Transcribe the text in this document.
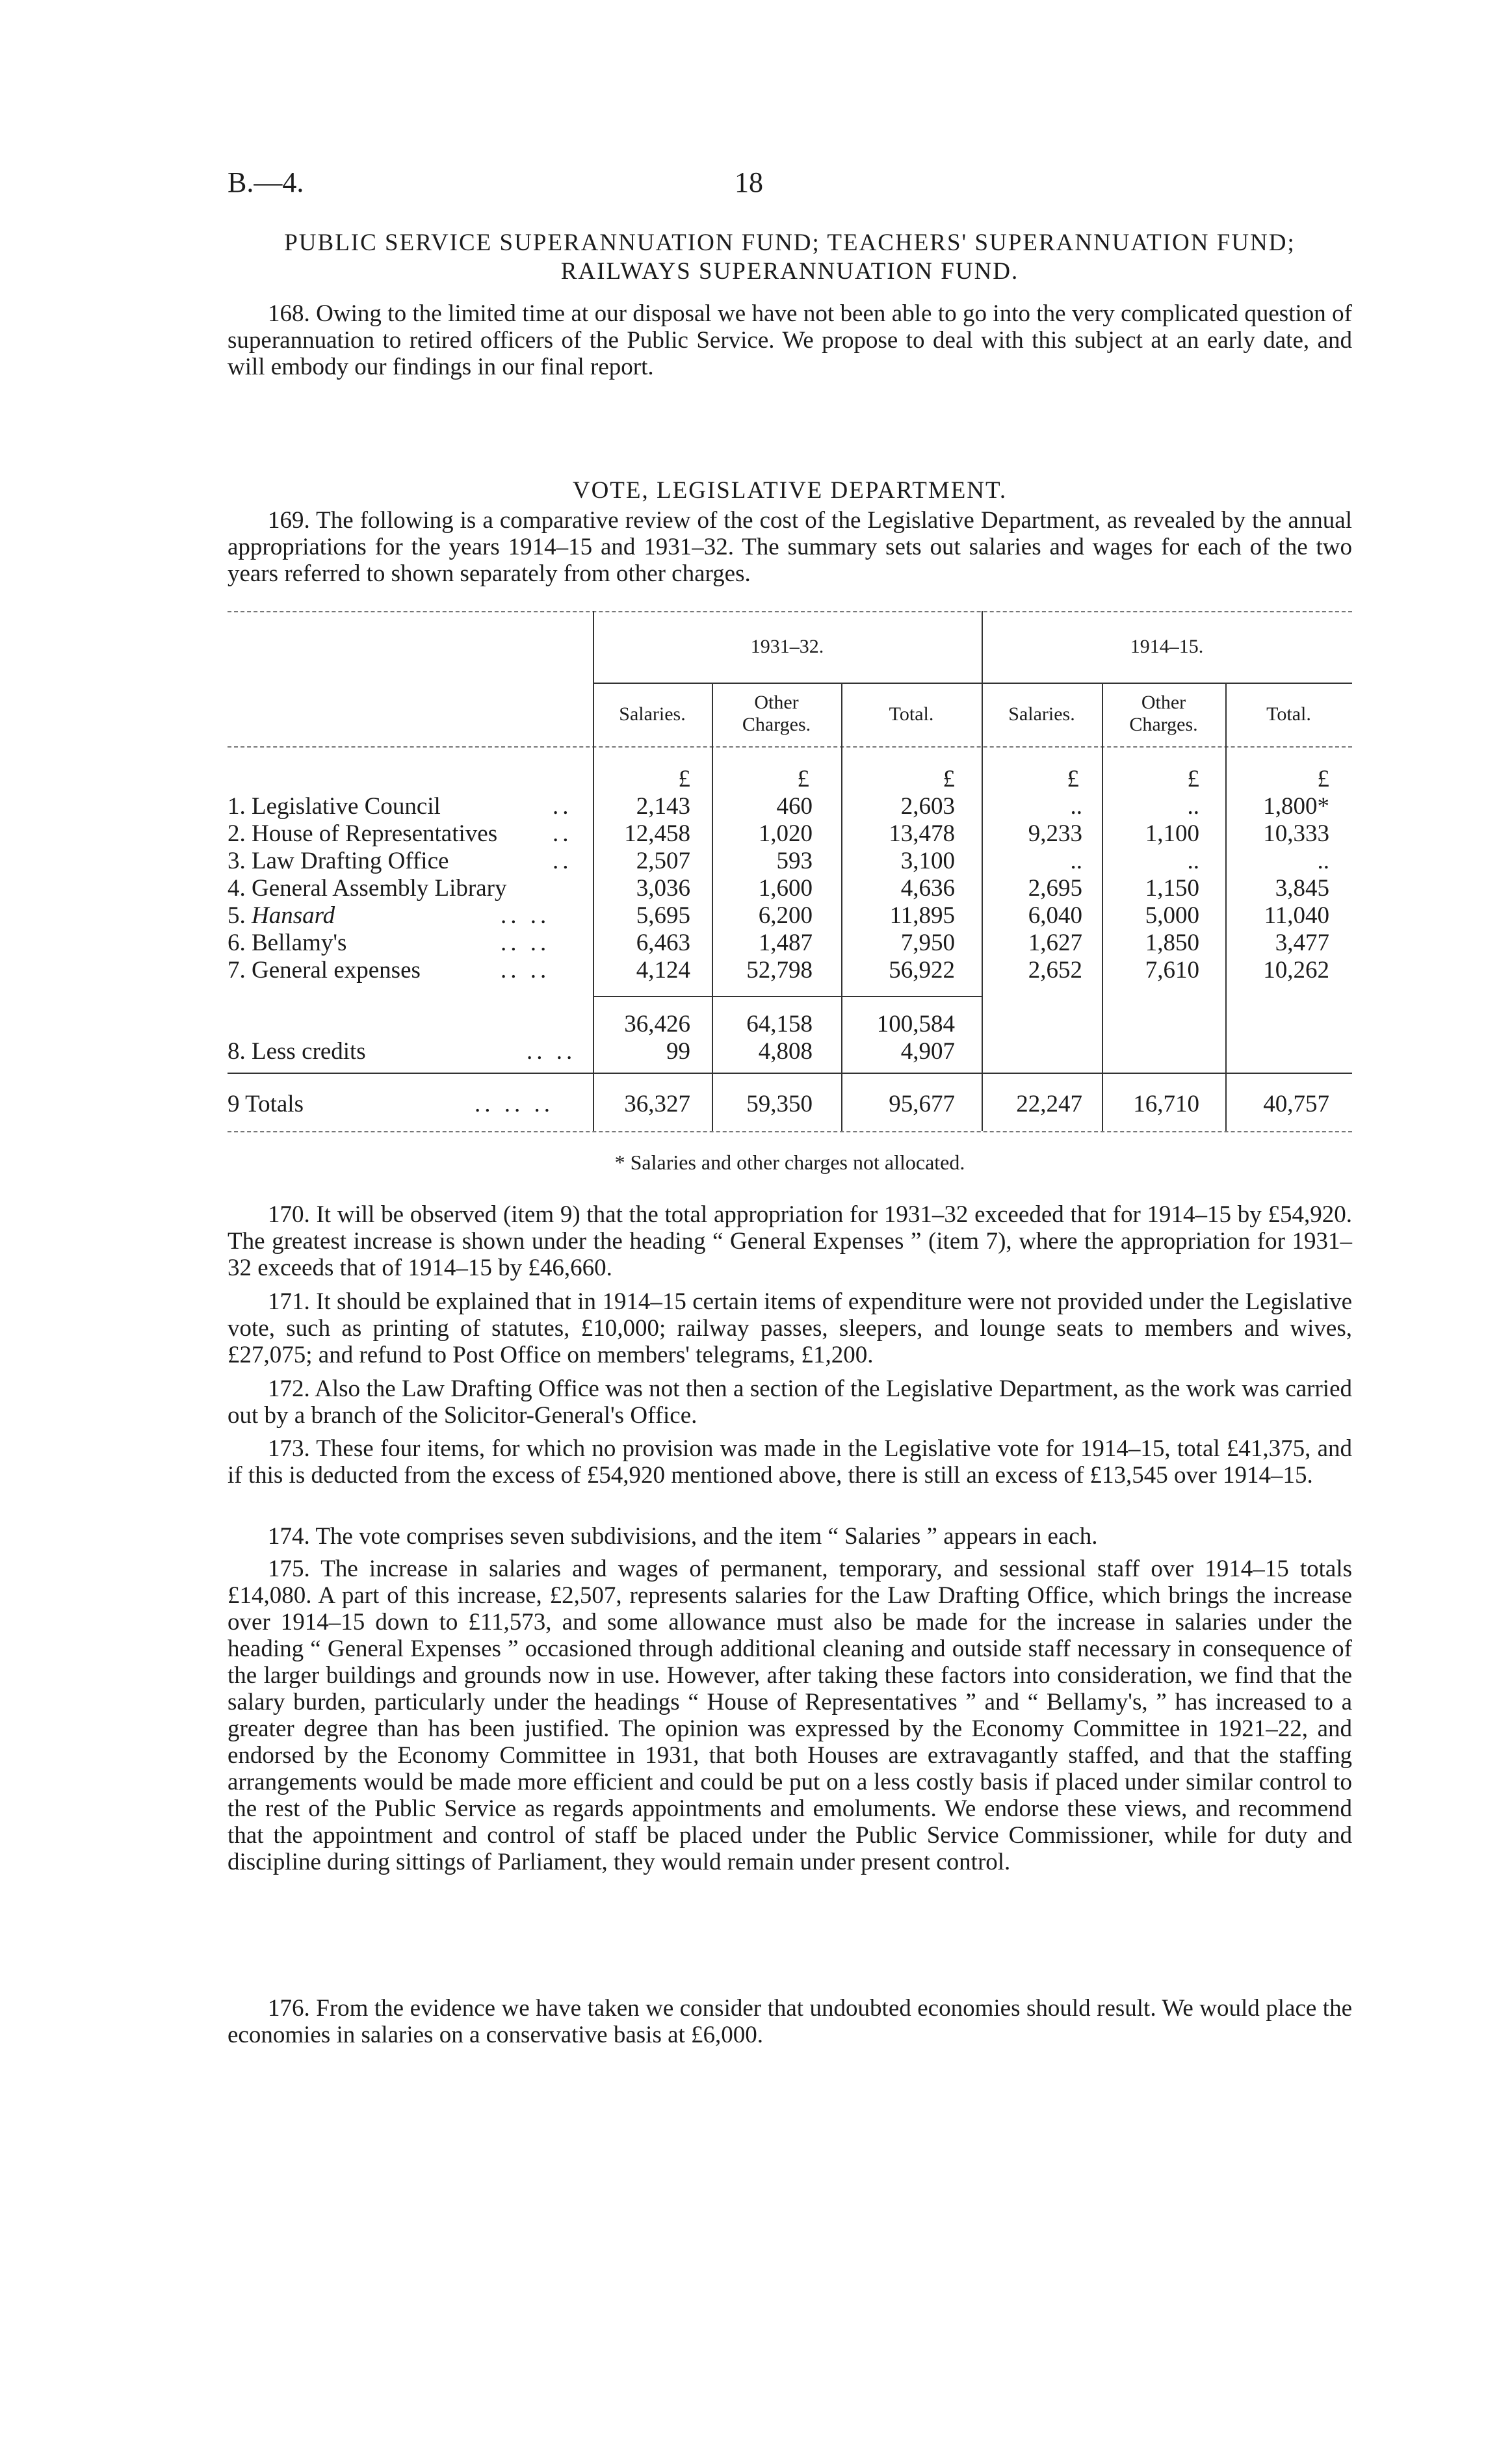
B.—4.	18
PUBLIC SERVICE SUPERANNUATION FUND; TEACHERS' SUPERANNUATION FUND; RAILWAYS SUPERANNUATION FUND.

168. Owing to the limited time at our disposal we have not been able to go into the very complicated question of superannuation to retired officers of the Public Service. We propose to deal with this subject at an early date, and will embody our findings in our final report.

VOTE, LEGISLATIVE DEPARTMENT.

169. The following is a comparative review of the cost of the Legislative Department, as revealed by the annual appropriations for the years 1914–15 and 1931–32. The summary sets out salaries and wages for each of the two years referred to shown separately from other charges.

1931–32.	1914–15.
Salaries.
Other
Charges.	Total.	Salaries.
Other
Charges.	Total.
£	£	£	£	£	£
1. Legislative Council	..	2,143	460	2,603	..	..	1,800*
2. House of Representatives ..	12,458	1,020	13,478	9,233	1,100	10,333
3. Law Drafting Office	..	2,507	593	3,100	..	..	..
4. General Assembly Library	3,036	1,600	4,636	2,695	1,150	3,845
5. Hansard	.. ..	5,695	6,200	11,895	6,040	5,000	11,040
6. Bellamy's	.. ..	6,463	1,487	7,950	1,627	1,850	3,477
7. General expenses	.. ..	4,124	52,798	56,922	2,652	7,610	10,262
36,426	64,158	100,584
8. Less credits	.. ..	99	4,808	4,907
9 Totals	.. .. ..	36,327	59,350	95,677	22,247	16,710	40,757
* Salaries and other charges not allocated.

170. It will be observed (item 9) that the total appropriation for 1931–32 exceeded that for 1914–15 by £54,920. The greatest increase is shown under the heading “ General Expenses ” (item 7), where the appropriation for 1931–32 exceeds that of 1914–15 by £46,660.

171. It should be explained that in 1914–15 certain items of expenditure were not provided under the Legislative vote, such as printing of statutes, £10,000; railway passes, sleepers, and lounge seats to members and wives, £27,075; and refund to Post Office on members' telegrams, £1,200.

172. Also the Law Drafting Office was not then a section of the Legislative Department, as the work was carried out by a branch of the Solicitor-General's Office.

173. These four items, for which no provision was made in the Legislative vote for 1914–15, total £41,375, and if this is deducted from the excess of £54,920 mentioned above, there is still an excess of £13,545 over 1914–15.

174. The vote comprises seven subdivisions, and the item “ Salaries ” appears in each.

175. The increase in salaries and wages of permanent, temporary, and sessional staff over 1914–15 totals £14,080. A part of this increase, £2,507, represents salaries for the Law Drafting Office, which brings the increase over 1914–15 down to £11,573, and some allowance must also be made for the increase in salaries under the heading “ General Expenses ” occasioned through additional cleaning and outside staff necessary in consequence of the larger buildings and grounds now in use. However, after taking these factors into consideration, we find that the salary burden, particularly under the headings “ House of Representatives ” and “ Bellamy's, ” has increased to a greater degree than has been justified. The opinion was expressed by the Economy Committee in 1921–22, and endorsed by the Economy Committee in 1931, that both Houses are extravagantly staffed, and that the staffing arrangements would be made more efficient and could be put on a less costly basis if placed under similar control to the rest of the Public Service as regards appointments and emoluments. We endorse these views, and recommend that the appointment and control of staff be placed under the Public Service Commissioner, while for duty and discipline during sittings of Parliament, they would remain under present control.

176. From the evidence we have taken we consider that undoubted economies should result. We would place the economies in salaries on a conservative basis at £6,000.
